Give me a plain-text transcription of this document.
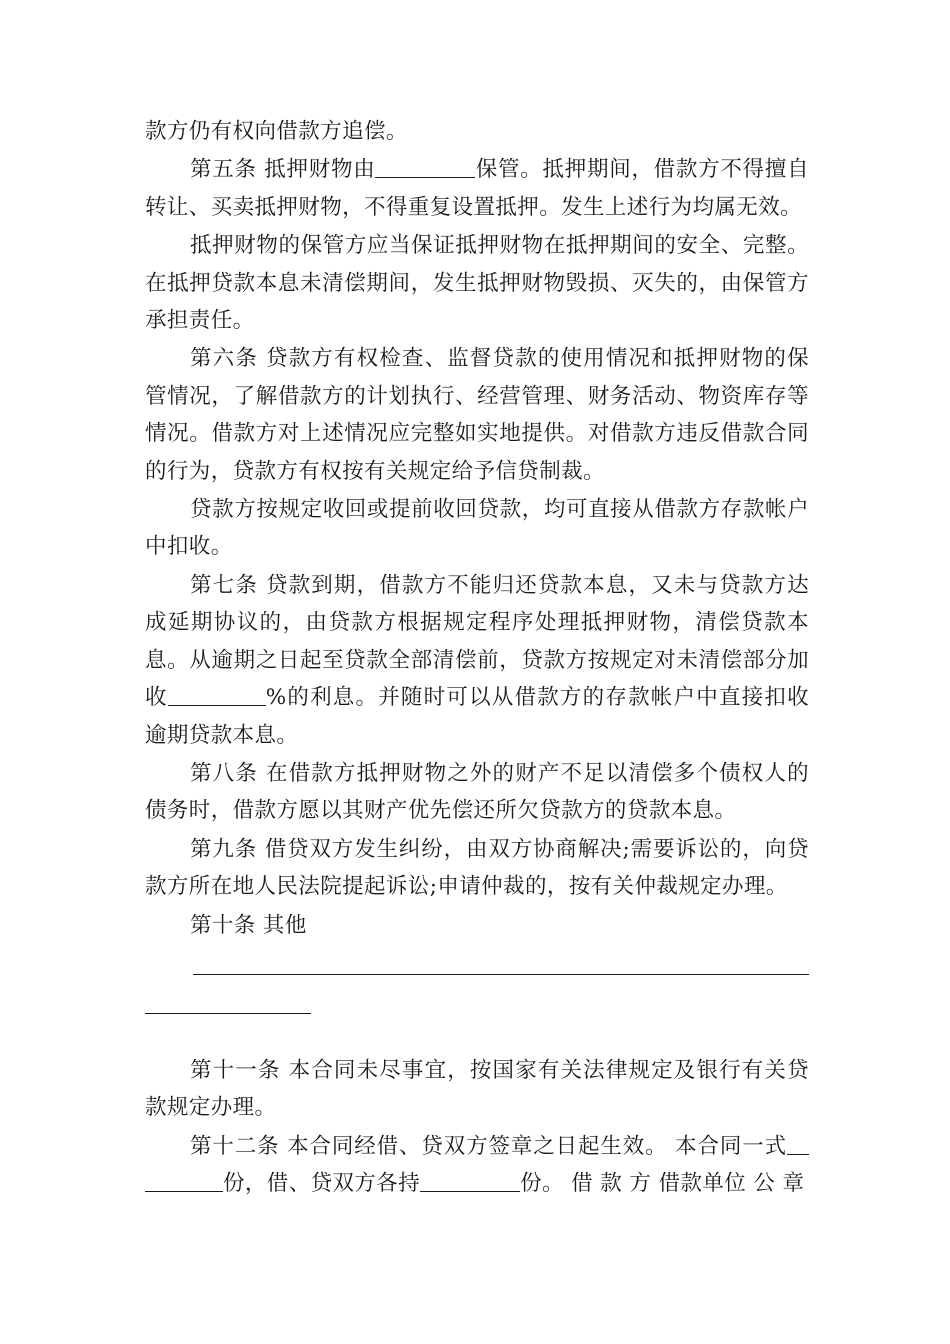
款方仍有权向借款方追偿。

第五条 抵押财物由	保管。抵押期间，借款方不得擅自转让、买卖抵押财物，不得重复设置抵押。发生上述行为均属无效。

抵押财物的保管方应当保证抵押财物在抵押期间的安全、完整。在抵押贷款本息未清偿期间，发生抵押财物毁损、灭失的，由保管方承担责任。

第六条 贷款方有权检查、监督贷款的使用情况和抵押财物的保管情况，了解借款方的计划执行、经营管理、财务活动、物资库存等情况。借款方对上述情况应完整如实地提供。对借款方违反借款合同的行为，贷款方有权按有关规定给予信贷制裁。

贷款方按规定收回或提前收回贷款，均可直接从借款方存款帐户中扣收。

第七条 贷款到期，借款方不能归还贷款本息，又未与贷款方达成延期协议的，由贷款方根据规定程序处理抵押财物，清偿贷款本息。从逾期之日起至贷款全部清偿前，贷款方按规定对未清偿部分加收	%的利息。并随时可以从借款方的存款帐户中直接扣收逾期贷款本息。

第八条 在借款方抵押财物之外的财产不足以清偿多个债权人的债务时，借款方愿以其财产优先偿还所欠贷款方的贷款本息。

第九条 借贷双方发生纠纷，由双方协商解决;需要诉讼的，向贷款方所在地人民法院提起诉讼;申请仲裁的，按有关仲裁规定办理。

第十条 其他

第十一条 本合同未尽事宜，按国家有关法律规定及银行有关贷款规定办理。

第十二条 本合同经借、贷双方签章之日起生效。 本合同一式份，借、贷双方各持	份。 借 款 方 借款单位 公 章
